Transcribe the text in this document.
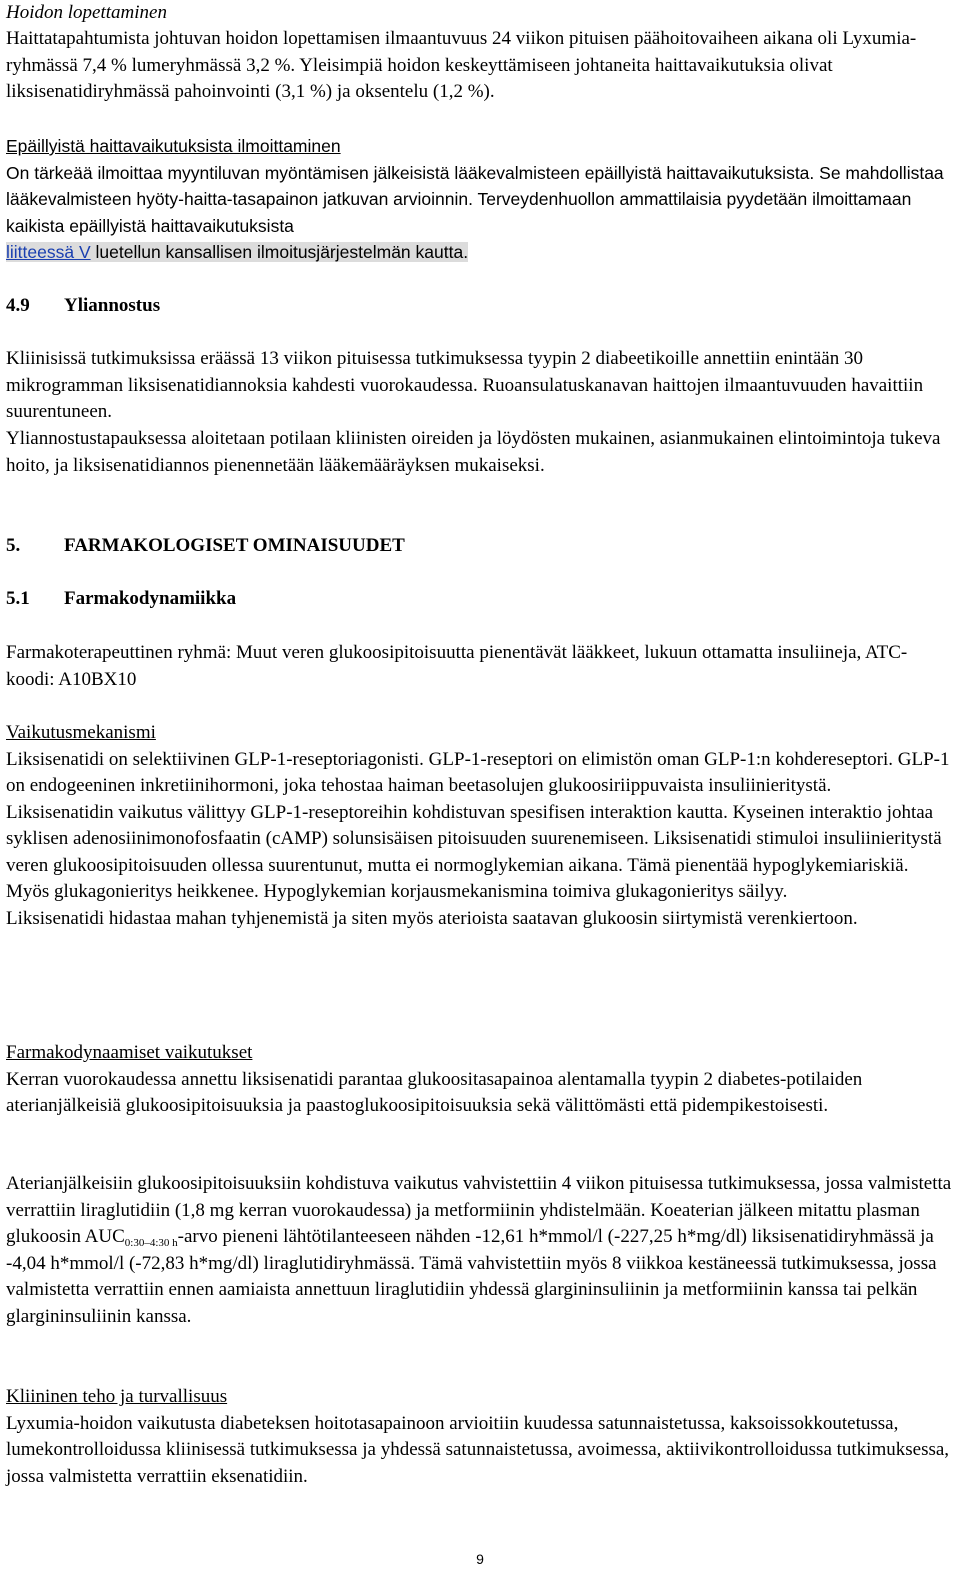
Hoidon lopettaminen

Haittatapahtumista johtuvan hoidon lopettamisen ilmaantuvuus 24 viikon pituisen päähoitovaiheen aikana oli Lyxumia-ryhmässä 7,4 % lumeryhmässä 3,2 %. Yleisimpiä hoidon keskeyttämiseen johtaneita haittavaikutuksia olivat liksisenatidiryhmässä pahoinvointi (3,1 %) ja oksentelu (1,2 %).

Epäillyistä haittavaikutuksista ilmoittaminen

On tärkeää ilmoittaa myyntiluvan myöntämisen jälkeisistä lääkevalmisteen epäillyistä haittavaikutuksista. Se mahdollistaa lääkevalmisteen hyöty-haitta-tasapainon jatkuvan arvioinnin. Terveydenhuollon ammattilaisia pyydetään ilmoittamaan kaikista epäillyistä haittavaikutuksista
liitteessä V luetellun kansallisen ilmoitusjärjestelmän kautta.

4.9	Yliannostus

Kliinisissä tutkimuksissa eräässä 13 viikon pituisessa tutkimuksessa tyypin 2 diabeetikoille annettiin enintään 30 mikrogramman liksisenatidiannoksia kahdesti vuorokaudessa. Ruoansulatuskanavan haittojen ilmaantuvuuden havaittiin suurentuneen.

Yliannostustapauksessa aloitetaan potilaan kliinisten oireiden ja löydösten mukainen, asianmukainen elintoimintoja tukeva hoito, ja liksisenatidiannos pienennetään lääkemääräyksen mukaiseksi.

5.	FARMAKOLOGISET OMINAISUUDET
5.1	Farmakodynamiikka

Farmakoterapeuttinen ryhmä: Muut veren glukoosipitoisuutta pienentävät lääkkeet, lukuun ottamatta insuliineja, ATC-koodi: A10BX10

Vaikutusmekanismi

Liksisenatidi on selektiivinen GLP-1-reseptoriagonisti. GLP-1-reseptori on elimistön oman GLP-1:n kohdereseptori. GLP-1 on endogeeninen inkretiinihormoni, joka tehostaa haiman beetasolujen glukoosiriippuvaista insuliinieritystä.

Liksisenatidin vaikutus välittyy GLP-1-reseptoreihin kohdistuvan spesifisen interaktion kautta. Kyseinen interaktio johtaa syklisen adenosiinimonofosfaatin (cAMP) solunsisäisen pitoisuuden suurenemiseen. Liksisenatidi stimuloi insuliinieritystä veren glukoosipitoisuuden ollessa suurentunut, mutta ei normoglykemian aikana. Tämä pienentää hypoglykemiariskiä. Myös glukagonieritys heikkenee. Hypoglykemian korjausmekanismina toimiva glukagonieritys säilyy.

Liksisenatidi hidastaa mahan tyhjenemistä ja siten myös aterioista saatavan glukoosin siirtymistä verenkiertoon.

Farmakodynaamiset vaikutukset

Kerran vuorokaudessa annettu liksisenatidi parantaa glukoositasapainoa alentamalla tyypin 2 diabetes-potilaiden aterianjälkeisiä glukoosipitoisuuksia ja paastoglukoosipitoisuuksia sekä välittömästi että pidempikestoisesti.

Aterianjälkeisiin glukoosipitoisuuksiin kohdistuva vaikutus vahvistettiin 4 viikon pituisessa tutkimuksessa, jossa valmistetta verrattiin liraglutidiin (1,8 mg kerran vuorokaudessa) ja metformiinin yhdistelmään. Koeaterian jälkeen mitattu plasman glukoosin $AUC_{0:30-4:30 h}$-arvo pieneni lähtötilanteeseen nähden -12,61 h*mmol/l (-227,25 h*mg/dl) liksisenatidiryhmässä ja -4,04 h*mmol/l (-72,83 h*mg/dl) liraglutidiryhmässä. Tämä vahvistettiin myös 8 viikkoa kestäneessä tutkimuksessa, jossa valmistetta verrattiin ennen aamiaista annettuun liraglutidiin yhdessä glargininsuliinin ja metformiinin kanssa tai pelkän glargininsuliinin kanssa.

Kliininen teho ja turvallisuus

Lyxumia-hoidon vaikutusta diabeteksen hoitotasapainoon arvioitiin kuudessa satunnaistetussa, kaksoissokkoutetussa, lumekontrolloidussa kliinisessä tutkimuksessa ja yhdessä satunnaistetussa, avoimessa, aktiivikontrolloidussa tutkimuksessa, jossa valmistetta verrattiin eksenatidiin.

9
